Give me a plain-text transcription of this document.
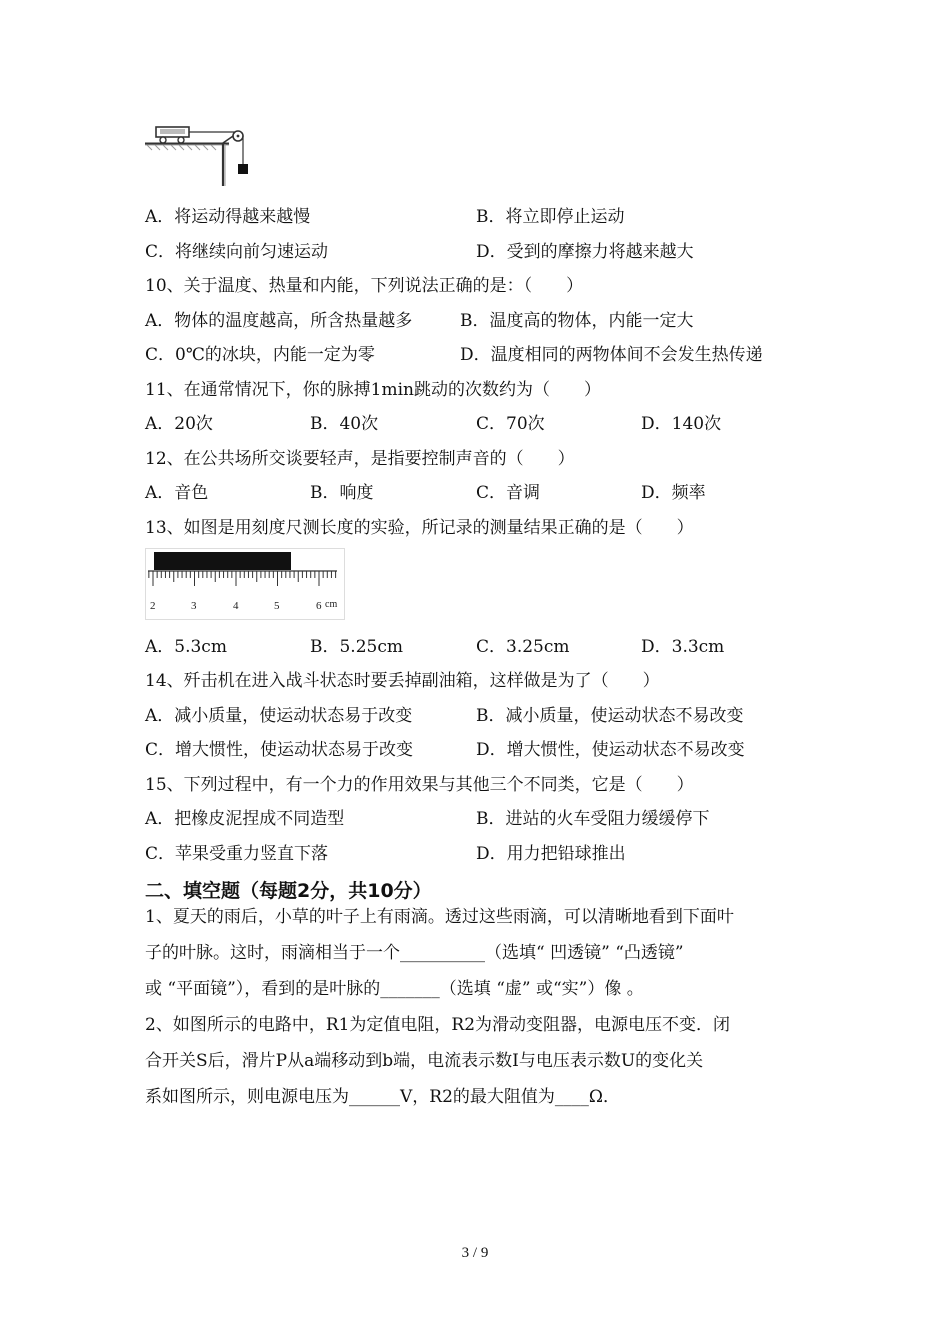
A．将运动得越来越慢	B．将立即停止运动
C．将继续向前匀速运动	D．受到的摩擦力将越来越大
10、关于温度、热量和内能，下列说法正确的是：（　　）
A．物体的温度越高，所含热量越多	B．温度高的物体，内能一定大
C．0℃的冰块，内能一定为零	D．温度相同的两物体间不会发生热传递
11、在通常情况下，你的脉搏1min跳动的次数约为（　　）
A．20次	B．40次	C．70次	D．140次
12、在公共场所交谈要轻声，是指要控制声音的（　　）
A．音色	B．响度	C．音调	D．频率
13、如图是用刻度尺测长度的实验，所记录的测量结果正确的是（　　）
2	3	4	5	6 cm
A．5.3cm	B．5.25cm	C．3.25cm	D．3.3cm
14、歼击机在进入战斗状态时要丢掉副油箱，这样做是为了（　　）
A．减小质量，使运动状态易于改变	B．减小质量，使运动状态不易改变
C．增大惯性，使运动状态易于改变	D．增大惯性，使运动状态不易改变
15、下列过程中，有一个力的作用效果与其他三个不同类，它是（　　）
A．把橡皮泥捏成不同造型	B．进站的火车受阻力缓缓停下
C．苹果受重力竖直下落	D．用力把铅球推出
二、填空题（每题2分，共10分）
1、夏天的雨后，小草的叶子上有雨滴。透过这些雨滴，可以清晰地看到下面叶
子的叶脉。这时，雨滴相当于一个__________（选填“ 凹透镜” “凸透镜”
或 “平面镜”），看到的是叶脉的_______（选填 “虚” 或“实”）像 。
2、如图所示的电路中，R1为定值电阻，R2为滑动变阻器，电源电压不变．闭
合开关S后，滑片P从a端移动到b端，电流表示数I与电压表示数U的变化关
系如图所示，则电源电压为______V，R2的最大阻值为____Ω．
3 / 9
